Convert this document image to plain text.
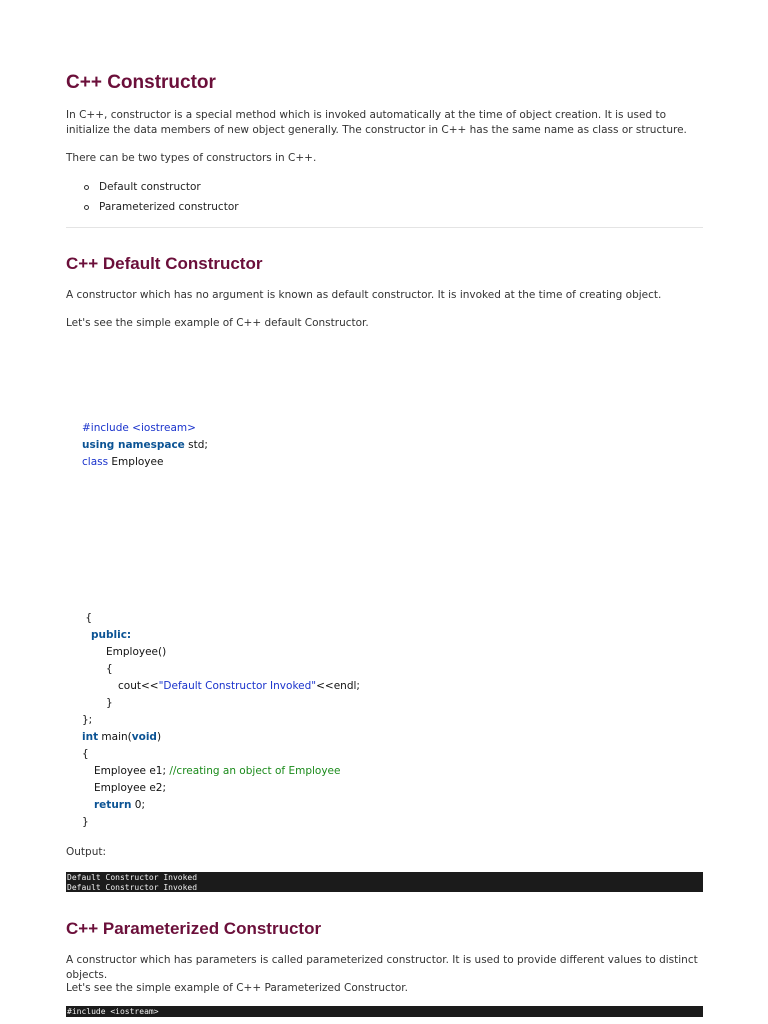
C++ Constructor

In C++, constructor is a special method which is invoked automatically at the time of object creation. It is used to initialize the data members of new object generally. The constructor in C++ has the same name as class or structure.

There can be two types of constructors in C++.

Default constructor
Parameterized constructor
C++ Default Constructor

A constructor which has no argument is known as default constructor. It is invoked at the time of creating object.

Let's see the simple example of C++ default Constructor.

#include <iostream>
using namespace std;
class Employee
{
public:
Employee()
{
cout<<"Default Constructor Invoked"<<endl;
}
};
int main(void)
{
Employee e1; //creating an object of Employee
Employee e2;
return 0;
}

Output:

Default Constructor Invoked
Default Constructor Invoked
C++ Parameterized Constructor

A constructor which has parameters is called parameterized constructor. It is used to provide different values to distinct objects.

Let's see the simple example of C++ Parameterized Constructor.

#include <iostream>
